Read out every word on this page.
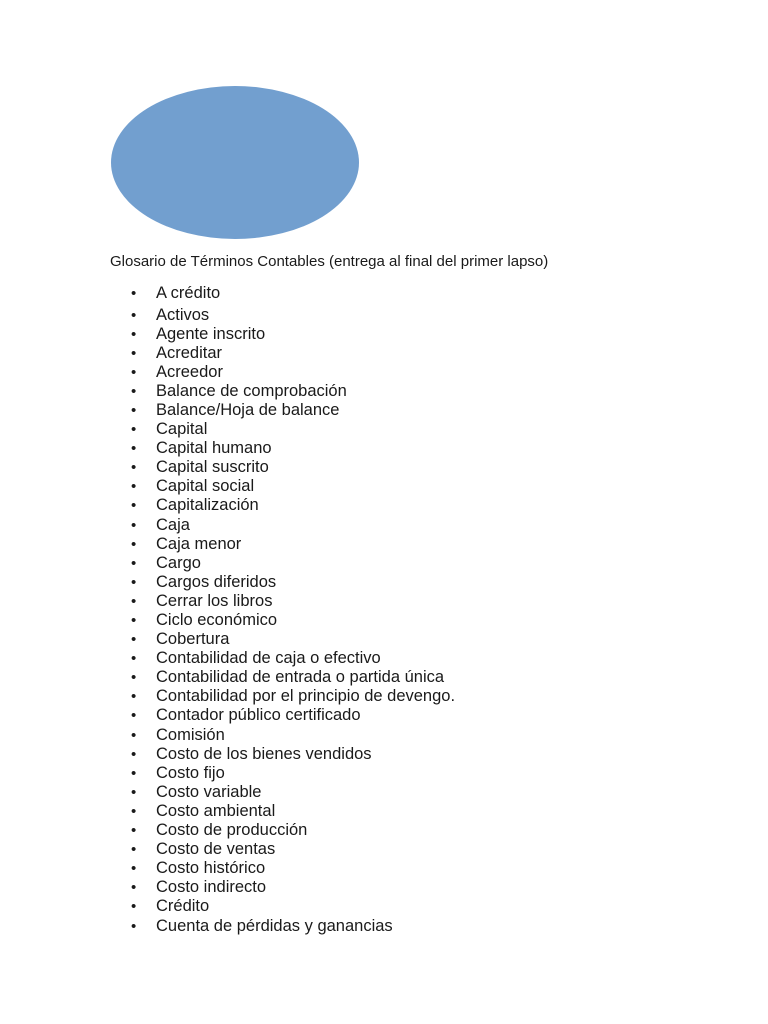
Glosario de Términos Contables (entrega al final del primer lapso)
•	A crédito
•	Activos
•	Agente inscrito
•	Acreditar
•	Acreedor
•	Balance de comprobación
•	Balance/Hoja de balance
•	Capital
•	Capital humano
•	Capital suscrito
•	Capital social
•	Capitalización
•	Caja
•	Caja menor
•	Cargo
•	Cargos diferidos
•	Cerrar los libros
•	Ciclo económico
•	Cobertura
•	Contabilidad de caja o efectivo
•	Contabilidad de entrada o partida única
•	Contabilidad por el principio de devengo.
•	Contador público certificado
•	Comisión
•	Costo de los bienes vendidos
•	Costo fijo
•	Costo variable
•	Costo ambiental
•	Costo de producción
•	Costo de ventas
•	Costo histórico
•	Costo indirecto
•	Crédito
•	Cuenta de pérdidas y ganancias
